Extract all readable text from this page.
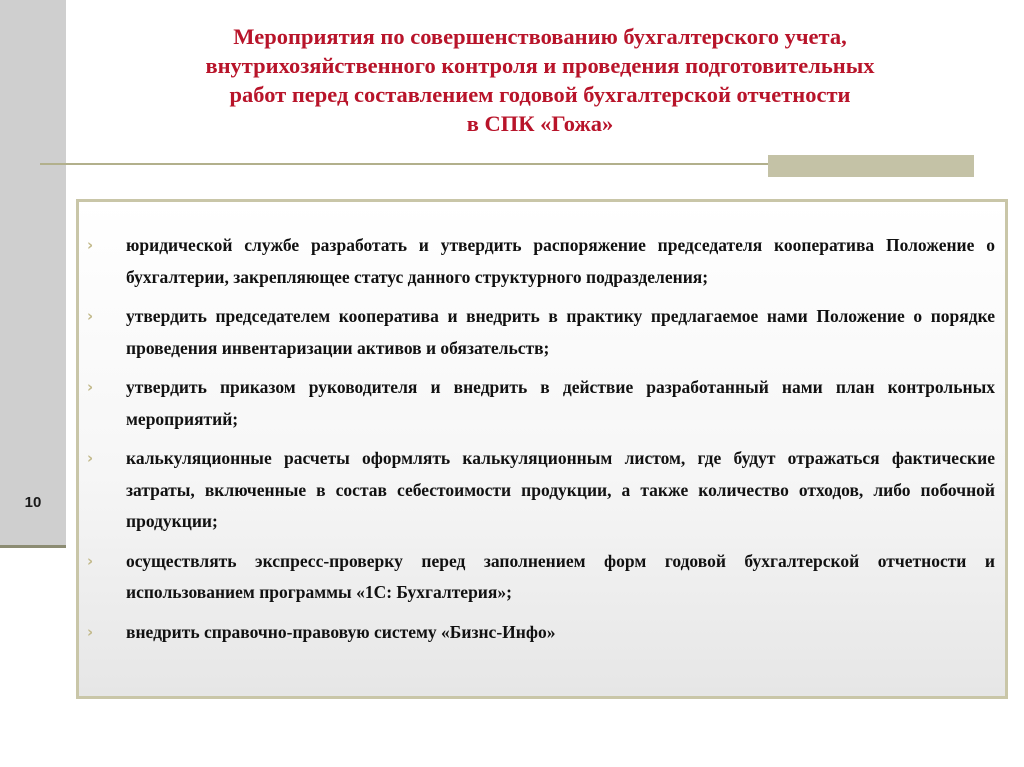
10
Мероприятия по совершенствованию бухгалтерского учета,
внутрихозяйственного контроля и проведения подготовительных
работ перед составлением годовой бухгалтерской отчетности
в СПК «Гожа»
› юридической службе разработать и утвердить распоряжение председателя кооператива Положение о бухгалтерии, закрепляющее статус данного структурного подразделения;
› утвердить председателем кооператива и внедрить в практику предлагаемое нами Положение о порядке проведения инвентаризации активов и обязательств;
› утвердить приказом руководителя и внедрить в действие разработанный нами план контрольных мероприятий;
› калькуляционные расчеты оформлять калькуляционным листом, где будут отражаться фактические затраты, включенные в состав себестоимости продукции, а также количество отходов, либо побочной продукции;
› осуществлять экспресс-проверку перед заполнением форм годовой бухгалтерской отчетности и использованием программы «1С: Бухгалтерия»;
› внедрить справочно-правовую систему «Бизнс-Инфо»
